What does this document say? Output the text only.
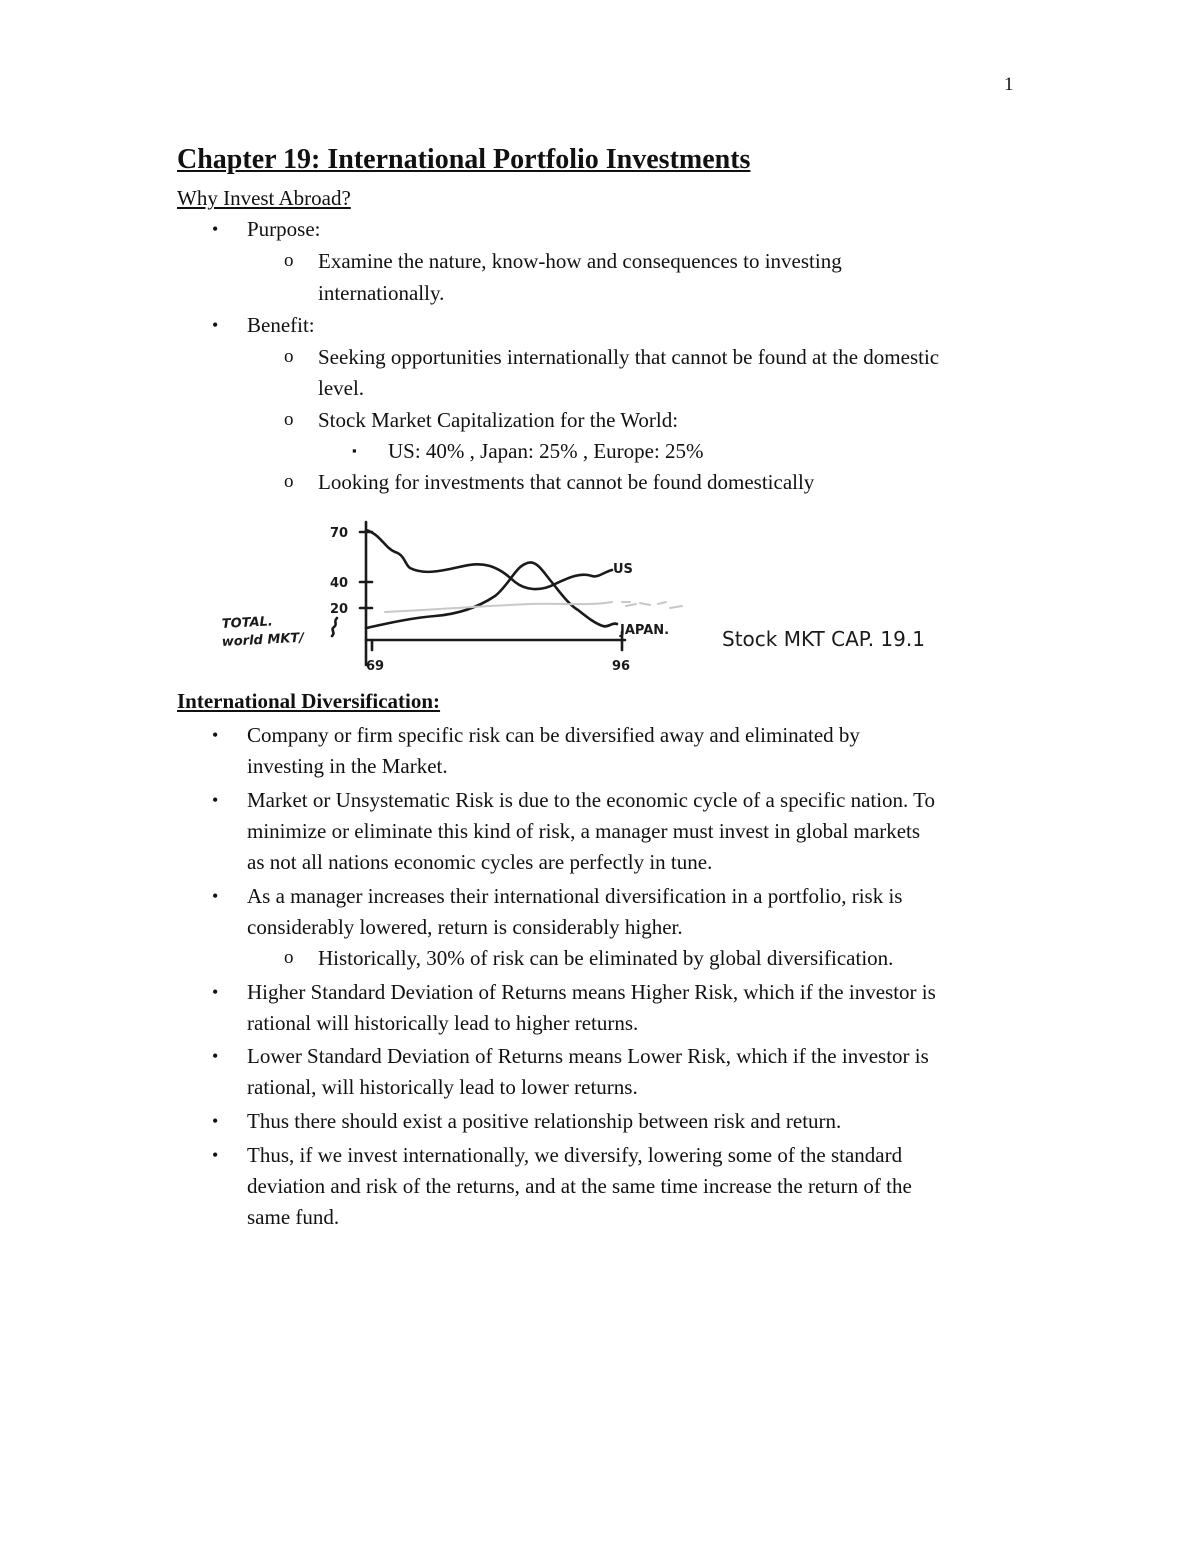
1
Chapter 19: International Portfolio Investments
Why Invest Abroad?
• Purpose:
o Examine the nature, know-how and consequences to investing
internationally.
• Benefit:
o Seeking opportunities internationally that cannot be found at the domestic
level.
o Stock Market Capitalization for the World:
▪ US: 40% , Japan: 25% , Europe: 25%
o Looking for investments that cannot be found domestically
70
40
20
TOTAL.
world MKT/
69	96
US
JAPAN.	Stock MKT CAP. 19.1
International Diversification:
• Company or firm specific risk can be diversified away and eliminated by
investing in the Market.
• Market or Unsystematic Risk is due to the economic cycle of a specific nation. To
minimize or eliminate this kind of risk, a manager must invest in global markets
as not all nations economic cycles are perfectly in tune.
• As a manager increases their international diversification in a portfolio, risk is
considerably lowered, return is considerably higher.
o Historically, 30% of risk can be eliminated by global diversification.
• Higher Standard Deviation of Returns means Higher Risk, which if the investor is
rational will historically lead to higher returns.
• Lower Standard Deviation of Returns means Lower Risk, which if the investor is
rational, will historically lead to lower returns.
• Thus there should exist a positive relationship between risk and return.
• Thus, if we invest internationally, we diversify, lowering some of the standard
deviation and risk of the returns, and at the same time increase the return of the
same fund.
